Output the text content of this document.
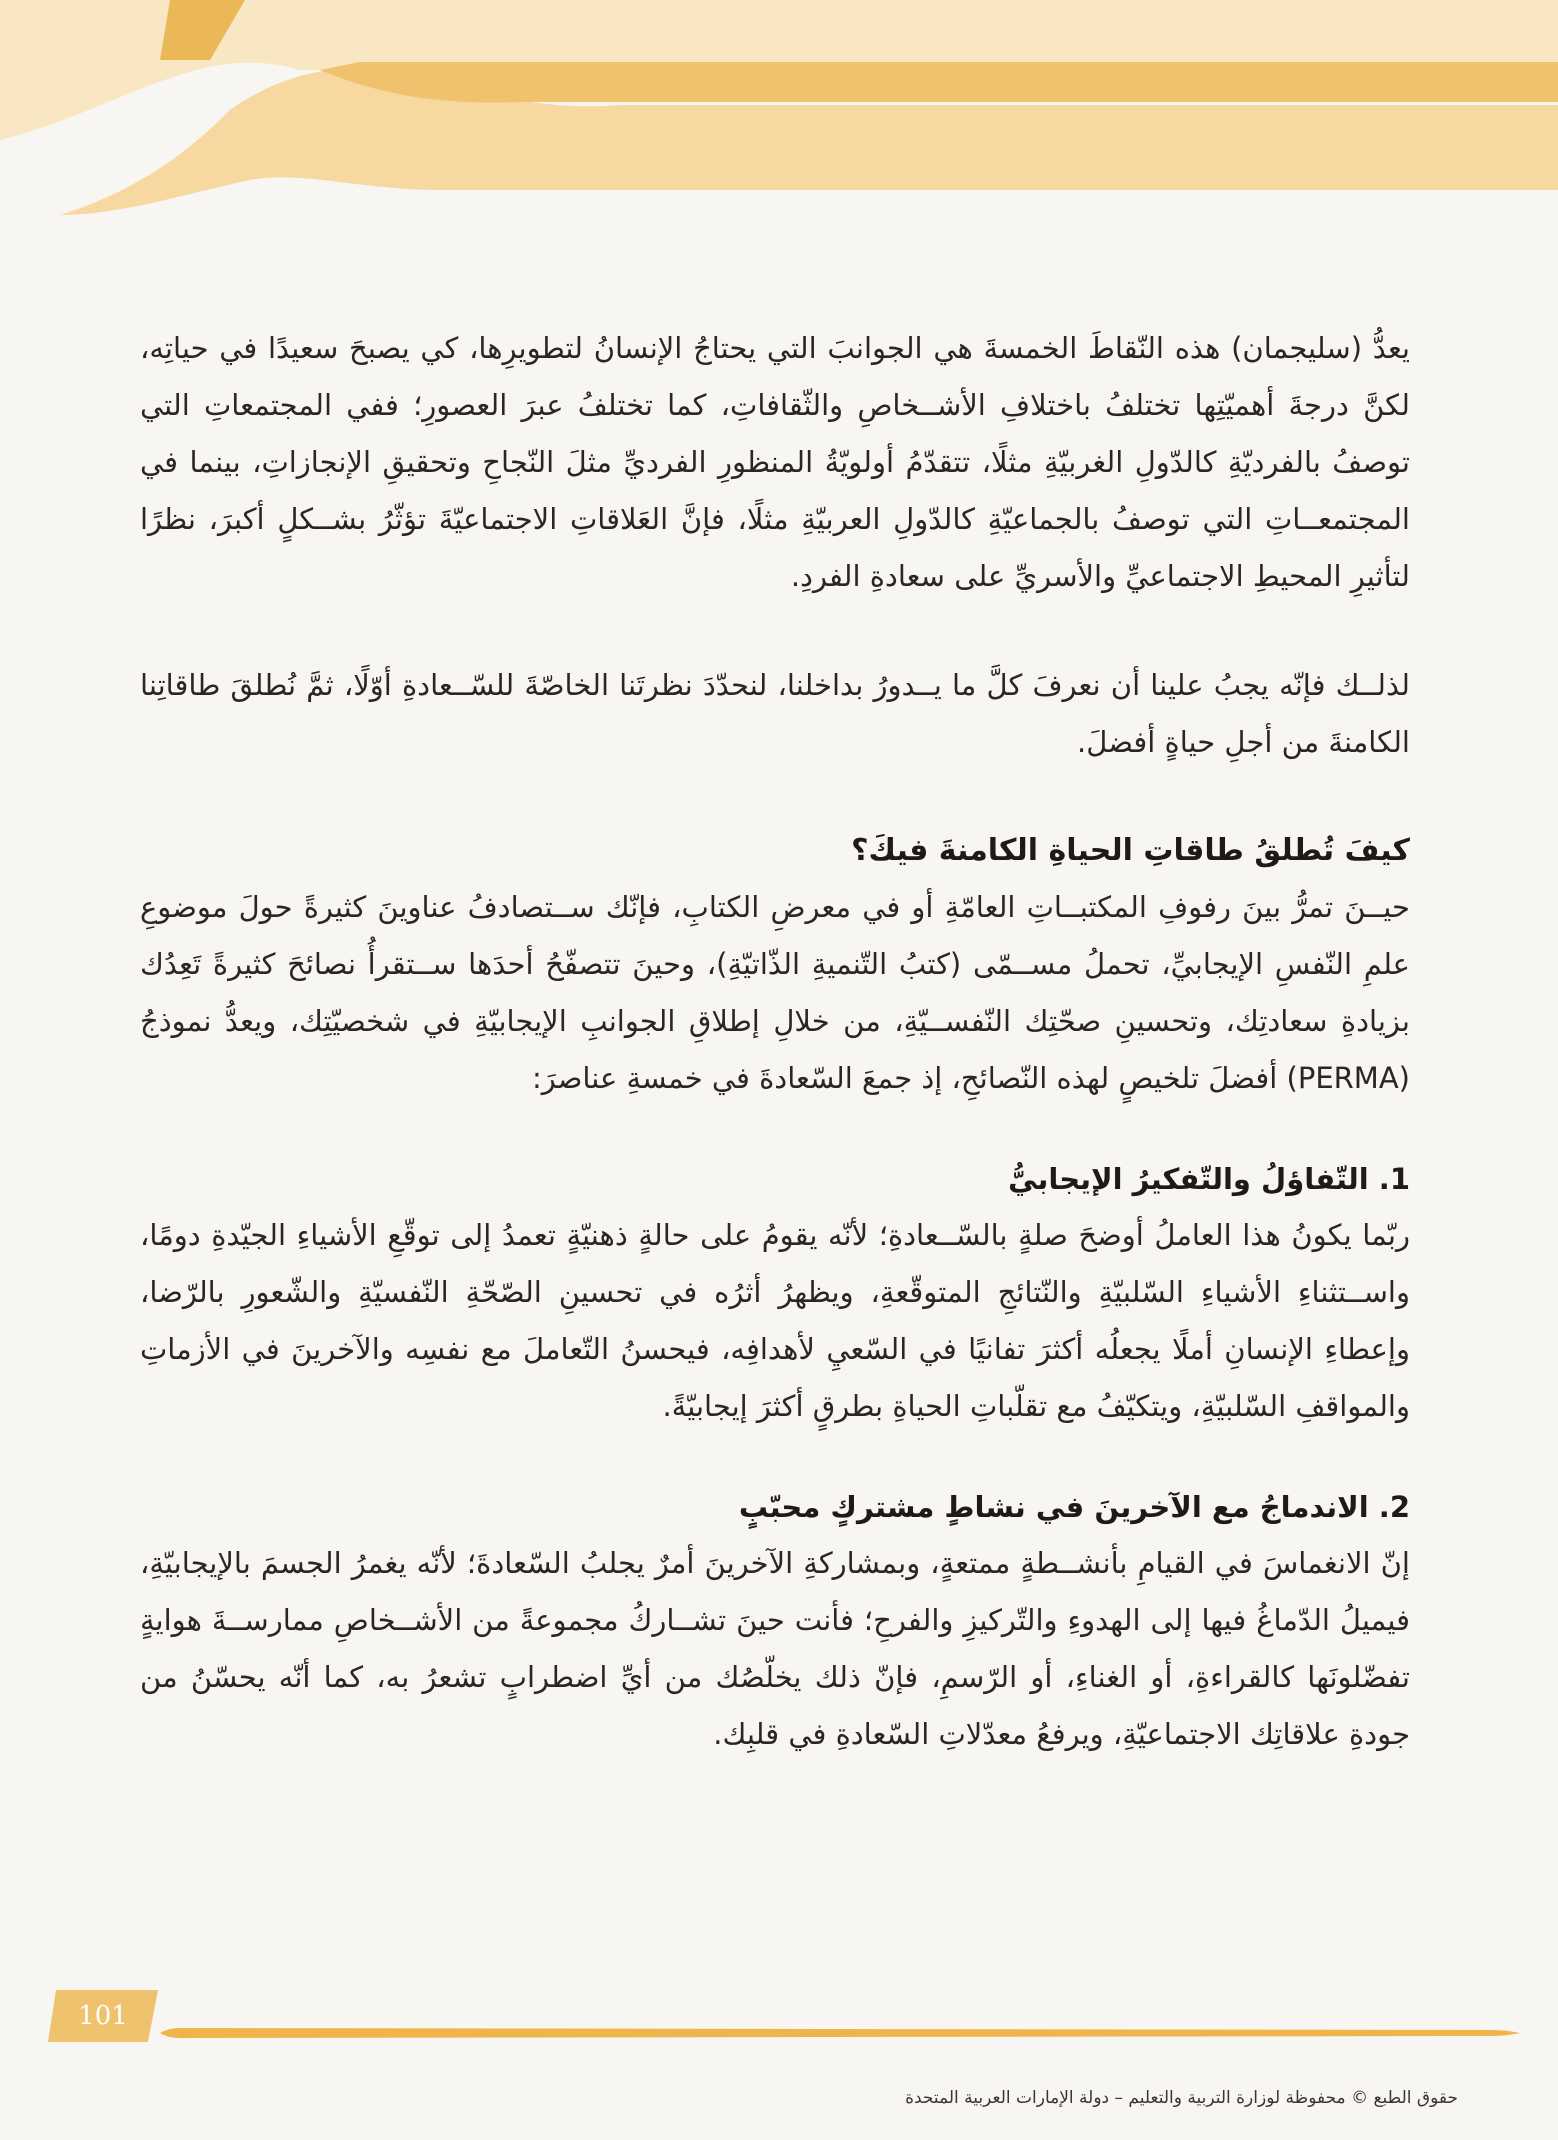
يعدُّ (سليجمان) هذه النّقاطَ الخمسةَ هي الجوانبَ التي يحتاجُ الإنسانُ لتطويرِها، كي يصبحَ سعيدًا في حياتِه، لكنَّ درجةَ أهميّتِها تختلفُ باختلافِ الأشــخاصِ والثّقافاتِ، كما تختلفُ عبرَ العصورِ؛ ففي المجتمعاتِ التي توصفُ بالفرديّةِ كالدّولِ الغربيّةِ مثلًا، تتقدّمُ أولويّةُ المنظورِ الفرديِّ مثلَ النّجاحِ وتحقيقِ الإنجازاتِ، بينما في المجتمعــاتِ التي توصفُ بالجماعيّةِ كالدّولِ العربيّةِ مثلًا، فإنَّ العَلاقاتِ الاجتماعيّةَ تؤثّرُ بشــكلٍ أكبرَ، نظرًا لتأثيرِ المحيطِ الاجتماعيِّ والأسريِّ على سعادةِ الفردِ.

لذلــك فإنّه يجبُ علينا أن نعرفَ كلَّ ما يــدورُ بداخلنا، لنحدّدَ نظرتَنا الخاصّةَ للسّــعادةِ أوّلًا، ثمَّ نُطلقَ طاقاتِنا الكامنةَ من أجلِ حياةٍ أفضلَ.

كيفَ تُطلقُ طاقاتِ الحياةِ الكامنةَ فيكَ؟

حيــنَ تمرُّ بينَ رفوفِ المكتبــاتِ العامّةِ أو في معرضِ الكتابِ، فإنّك ســتصادفُ عناوينَ كثيرةً حولَ موضوعِ علمِ النّفسِ الإيجابيِّ، تحملُ مســمّى (كتبُ التّنميةِ الذّاتيّةِ)، وحينَ تتصفّحُ أحدَها ســتقرأُ نصائحَ كثيرةً تَعِدُك بزيادةِ سعادتِك، وتحسينِ صحّتِك النّفســيّةِ، من خلالِ إطلاقِ الجوانبِ الإيجابيّةِ في شخصيّتِك، ويعدُّ نموذجُ (PERMA) أفضلَ تلخيصٍ لهذه النّصائحِ، إذ جمعَ السّعادةَ في خمسةِ عناصرَ:

1. التّفاؤلُ والتّفكيرُ الإيجابيُّ

ربّما يكونُ هذا العاملُ أوضحَ صلةٍ بالسّــعادةِ؛ لأنّه يقومُ على حالةٍ ذهنيّةٍ تعمدُ إلى توقّعِ الأشياءِ الجيّدةِ دومًا، واســتثناءِ الأشياءِ السّلبيّةِ والنّتائجِ المتوقّعةِ، ويظهرُ أثرُه في تحسينِ الصّحّةِ النّفسيّةِ والشّعورِ بالرّضا، وإعطاءِ الإنسانِ أملًا يجعلُه أكثرَ تفانيًا في السّعيِ لأهدافِه، فيحسنُ التّعاملَ مع نفسِه والآخرينَ في الأزماتِ والمواقفِ السّلبيّةِ، ويتكيّفُ مع تقلّباتِ الحياةِ بطرقٍ أكثرَ إيجابيّةً.

2. الاندماجُ مع الآخرينَ في نشاطٍ مشتركٍ محبّبٍ

إنّ الانغماسَ في القيامِ بأنشــطةٍ ممتعةٍ، وبمشاركةِ الآخرينَ أمرٌ يجلبُ السّعادةَ؛ لأنّه يغمرُ الجسمَ بالإيجابيّةِ، فيميلُ الدّماغُ فيها إلى الهدوءِ والتّركيزِ والفرحِ؛ فأنت حينَ تشــاركُ مجموعةً من الأشــخاصِ ممارســةَ هوايةٍ تفضّلونَها كالقراءةِ، أو الغناءِ، أو الرّسمِ، فإنّ ذلك يخلّصُك من أيِّ اضطرابٍ تشعرُ به، كما أنّه يحسّنُ من جودةِ علاقاتِك الاجتماعيّةِ، ويرفعُ معدّلاتِ السّعادةِ في قلبِك.

101
حقوق الطبع © محفوظة لوزارة التربية والتعليم – دولة الإمارات العربية المتحدة
